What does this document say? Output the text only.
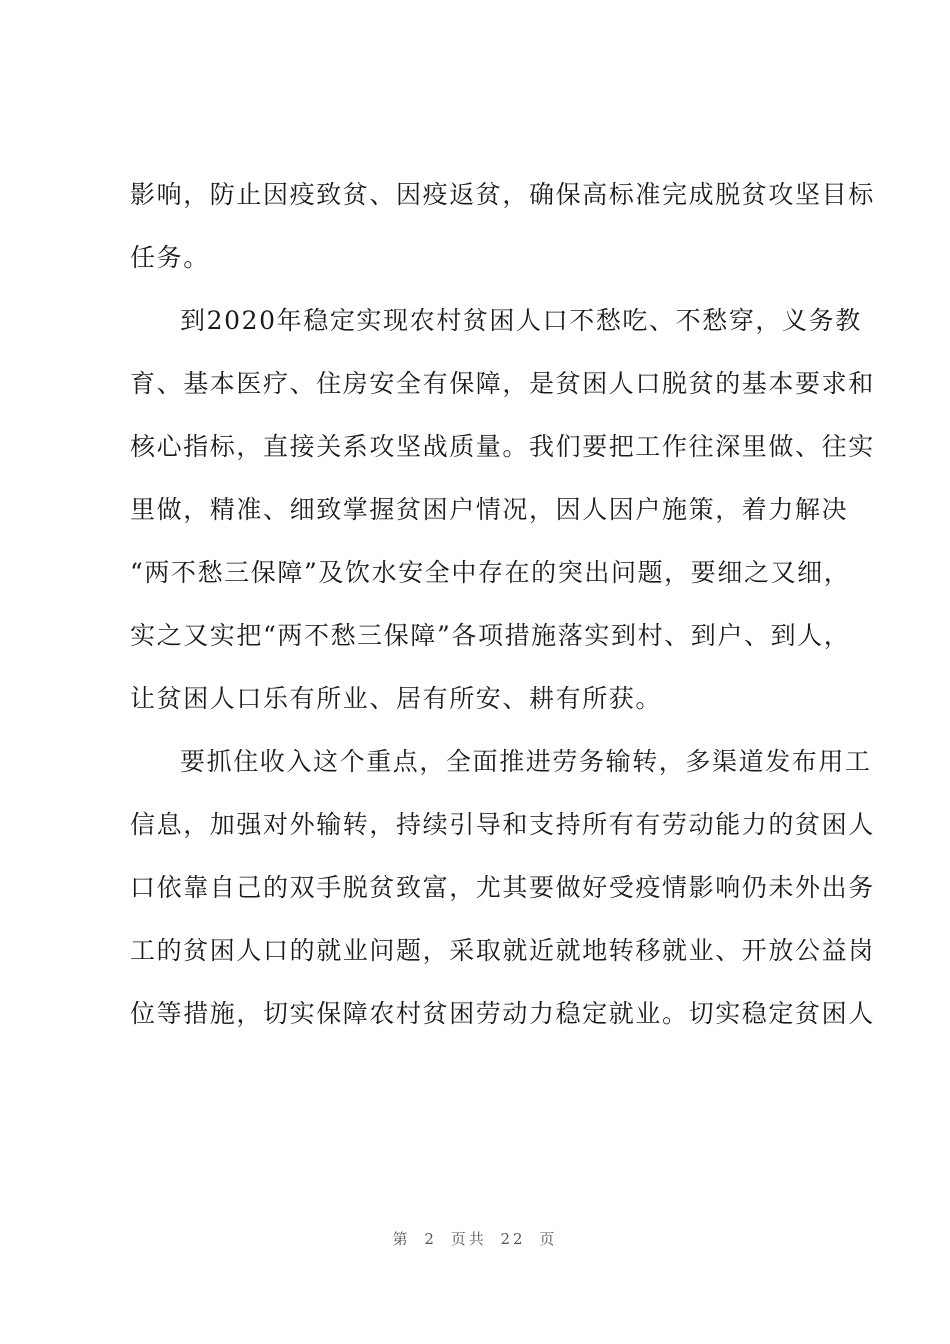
影响，防止因疫致贫、因疫返贫，确保高标准完成脱贫攻坚目标
任务。
到2020年稳定实现农村贫困人口不愁吃、不愁穿，义务教
育、基本医疗、住房安全有保障，是贫困人口脱贫的基本要求和
核心指标，直接关系攻坚战质量。我们要把工作往深里做、往实
里做，精准、细致掌握贫困户情况，因人因户施策，着力解决
“两不愁三保障”及饮水安全中存在的突出问题，要细之又细，
实之又实把“两不愁三保障”各项措施落实到村、到户、到人，
让贫困人口乐有所业、居有所安、耕有所获。
要抓住收入这个重点，全面推进劳务输转，多渠道发布用工
信息，加强对外输转，持续引导和支持所有有劳动能力的贫困人
口依靠自己的双手脱贫致富，尤其要做好受疫情影响仍未外出务
工的贫困人口的就业问题，采取就近就地转移就业、开放公益岗
位等措施，切实保障农村贫困劳动力稳定就业。切实稳定贫困人
第 2 页共 22 页
